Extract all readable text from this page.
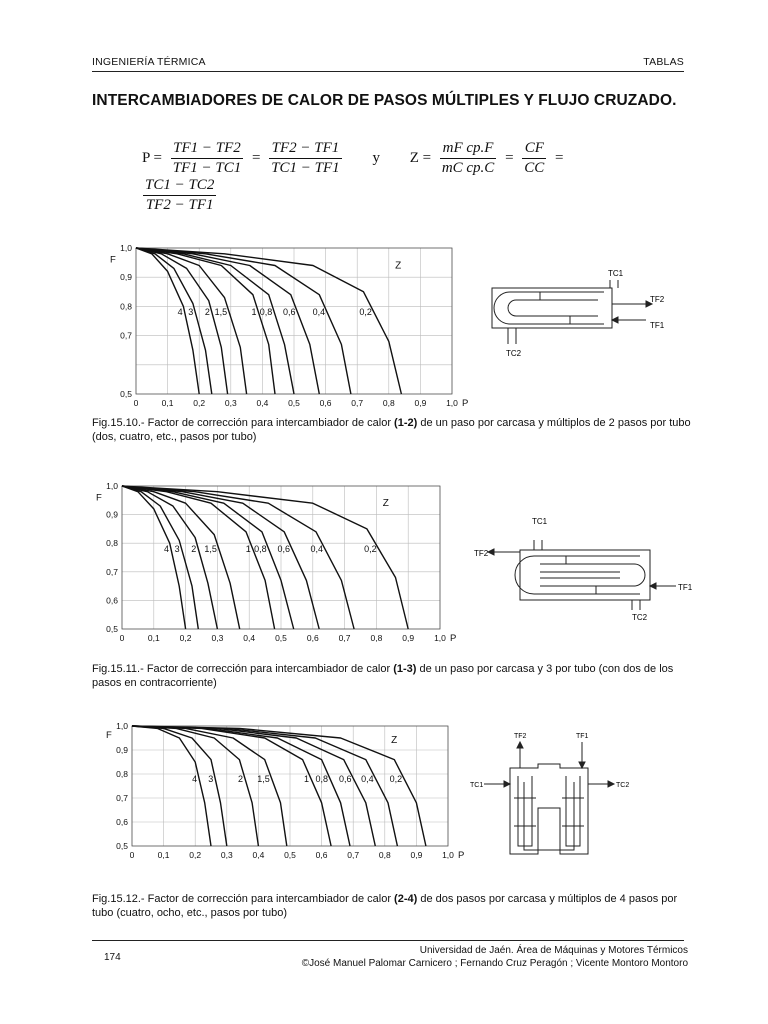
INGENIERÍA TÉRMICA	TABLAS
INTERCAMBIADORES DE CALOR DE PASOS MÚLTIPLES Y FLUJO CRUZADO.
$P = \frac{TF1 - TF2}{TF1 - TC1} = \frac{TF2 - TF1}{TC1 - TF1}$ y $Z = \frac{\text{mF cp.F}}{\text{mC cp.C}} = \frac{CF}{CC}$ =
$\frac{TC1 - TC2}{TF2 - TF1}$
0	0,1 0,2 0,3 0,4 0,5 0,6 0,7 0,8 0,9 1,0
0,5
0,7
0,8
0,9
1,0
P
F
Z
4 3 2 1,5	1 0,8 0,6 0,4	0,2
TC1
TF2
TF1
TC2
Fig.15.10.- Factor de corrección para intercambiador de calor (1-2) de un paso por carcasa y múltiplos de 2 pasos por tubo (dos, cuatro, etc., pasos por tubo)
0	0,1 0,2 0,3 0,4 0,5 0,6 0,7 0,8 0,9 1,0
0,5
0,6
0,7
0,8
0,9
1,0
P
F
Z
4 3 2 1,5	1 0,8 0,6 0,4	0,2
TC1
TF2
TF1
TC2
Fig.15.11.- Factor de corrección para intercambiador de calor (1-3) de un paso por carcasa y 3 por tubo (con dos de los pasos en contracorriente)
0	0,1 0,2 0,3 0,4 0,5 0,6 0,7 0,8 0,9 1,0
0,5
0,6
0,7
0,8
0,9
1,0
P
F	Z
4 3	2 1,5	1 0,8 0,6 0,4 0,2
TF2	TF1
TC1	TC2
Fig.15.12.- Factor de corrección para intercambiador de calor (2-4) de dos pasos por carcasa y múltiplos de 4 pasos por tubo (cuatro, ocho, etc., pasos por tubo)
174
Universidad de Jaén. Área de Máquinas y Motores Térmicos
©José Manuel Palomar Carnicero ; Fernando Cruz Peragón ; Vicente Montoro Montoro
